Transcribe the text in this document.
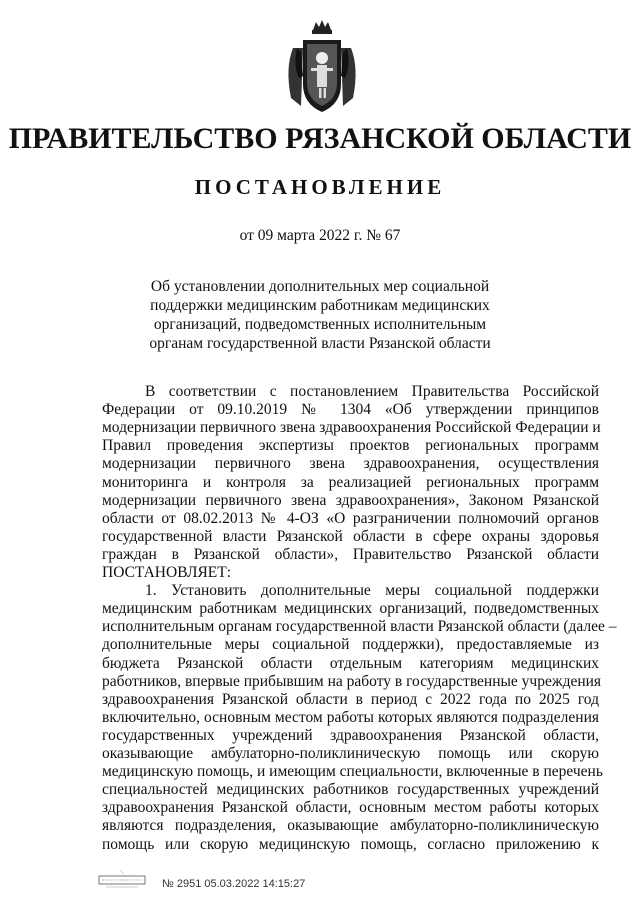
ПРАВИТЕЛЬСТВО РЯЗАНСКОЙ ОБЛАСТИ
ПОСТАНОВЛЕНИЕ
от 09 марта 2022 г. № 67
Об установлении дополнительных мер социальной поддержки медицинским работникам медицинских организаций, подведомственных исполнительным органам государственной власти Рязанской области
В соответствии с постановлением Правительства Российской
Федерации от 09.10.2019 № 1304 «Об утверждении принципов
модернизации первичного звена здравоохранения Российской Федерации и
Правил проведения экспертизы проектов региональных программ
модернизации первичного звена здравоохранения, осуществления
мониторинга и контроля за реализацией региональных программ
модернизации первичного звена здравоохранения», Законом Рязанской
области от 08.02.2013 № 4-ОЗ «О разграничении полномочий органов
государственной власти Рязанской области в сфере охраны здоровья
граждан в Рязанской области», Правительство Рязанской области
ПОСТАНОВЛЯЕТ:
1. Установить дополнительные меры социальной поддержки
медицинским работникам медицинских организаций, подведомственных
исполнительным органам государственной власти Рязанской области (далее –
дополнительные меры социальной поддержки), предоставляемые из
бюджета Рязанской области отдельным категориям медицинских
работников, впервые прибывшим на работу в государственные учреждения
здравоохранения Рязанской области в период с 2022 года по 2025 год
включительно, основным местом работы которых являются подразделения
государственных учреждений здравоохранения Рязанской области,
оказывающие амбулаторно-поликлиническую помощь или скорую
медицинскую помощь, и имеющим специальности, включенные в перечень
специальностей медицинских работников государственных учреждений
здравоохранения Рязанской области, основным местом работы которых
являются подразделения, оказывающие амбулаторно-поликлиническую
помощь или скорую медицинскую помощь, согласно приложению к
№ 2951 05.03.2022 14:15:27
